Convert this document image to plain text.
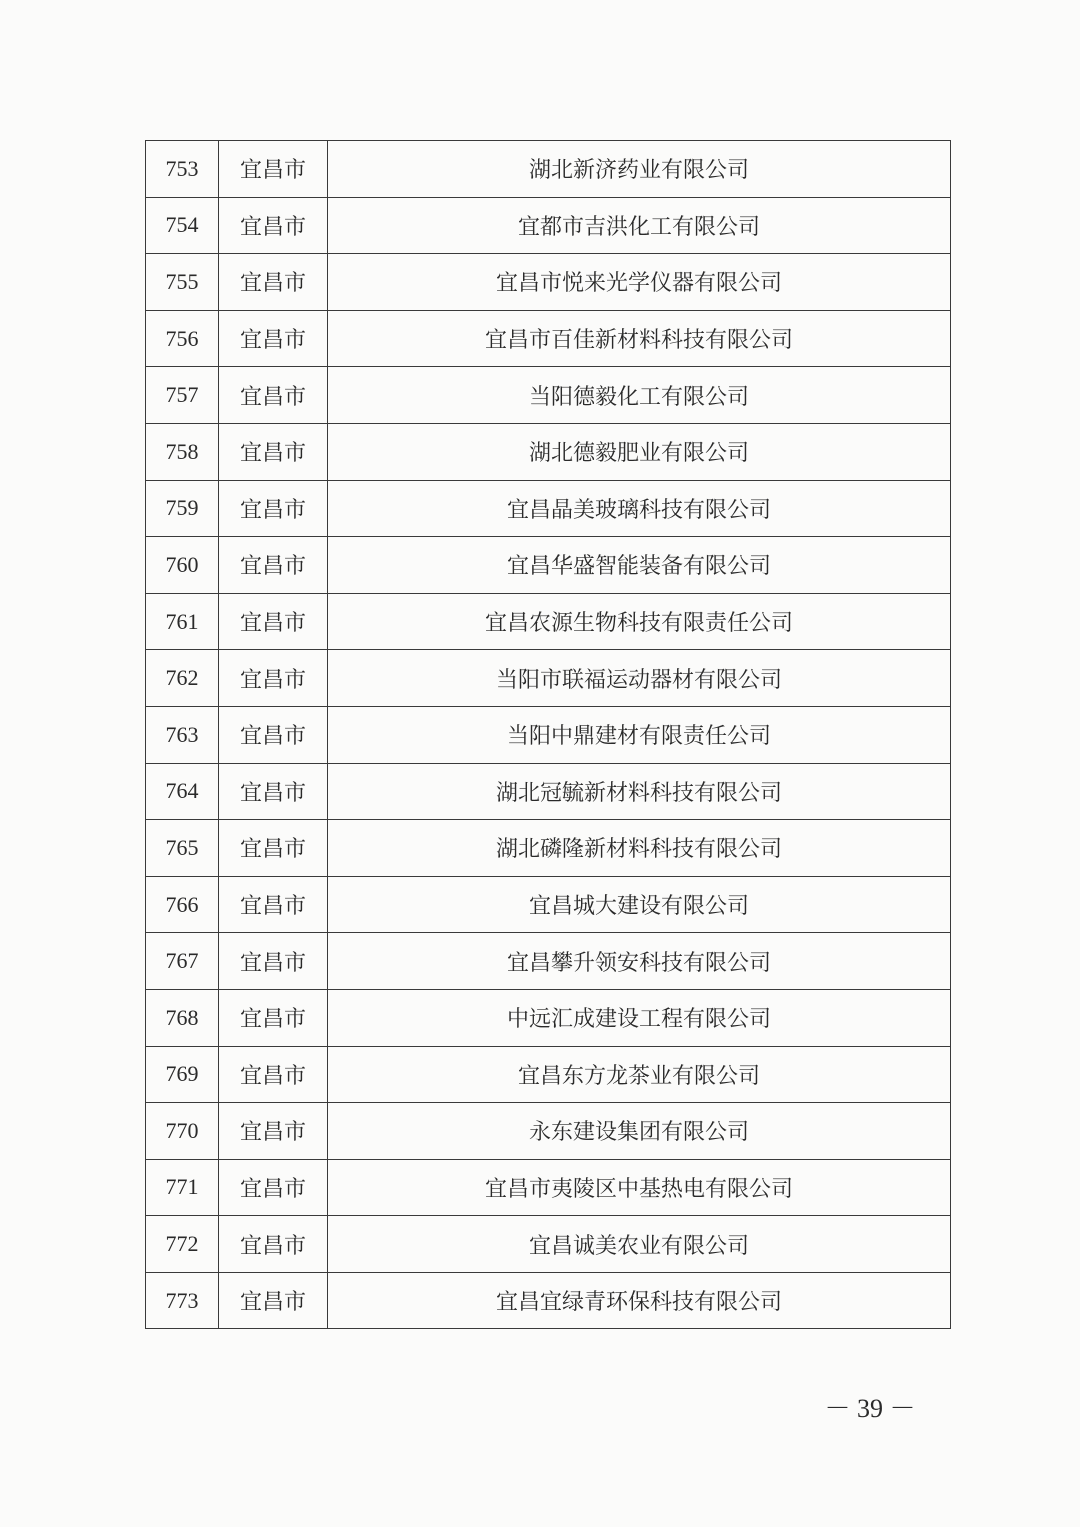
753	宜昌市	湖北新济药业有限公司
754	宜昌市	宜都市吉洪化工有限公司
755	宜昌市	宜昌市悦来光学仪器有限公司
756	宜昌市	宜昌市百佳新材料科技有限公司
757	宜昌市	当阳德毅化工有限公司
758	宜昌市	湖北德毅肥业有限公司
759	宜昌市	宜昌晶美玻璃科技有限公司
760	宜昌市	宜昌华盛智能装备有限公司
761	宜昌市	宜昌农源生物科技有限责任公司
762	宜昌市	当阳市联福运动器材有限公司
763	宜昌市	当阳中鼎建材有限责任公司
764	宜昌市	湖北冠毓新材料科技有限公司
765	宜昌市	湖北磷隆新材料科技有限公司
766	宜昌市	宜昌城大建设有限公司
767	宜昌市	宜昌攀升领安科技有限公司
768	宜昌市	中远汇成建设工程有限公司
769	宜昌市	宜昌东方龙茶业有限公司
770	宜昌市	永东建设集团有限公司
771	宜昌市	宜昌市夷陵区中基热电有限公司
772	宜昌市	宜昌诚美农业有限公司
773	宜昌市	宜昌宜绿青环保科技有限公司
－ 39 －
